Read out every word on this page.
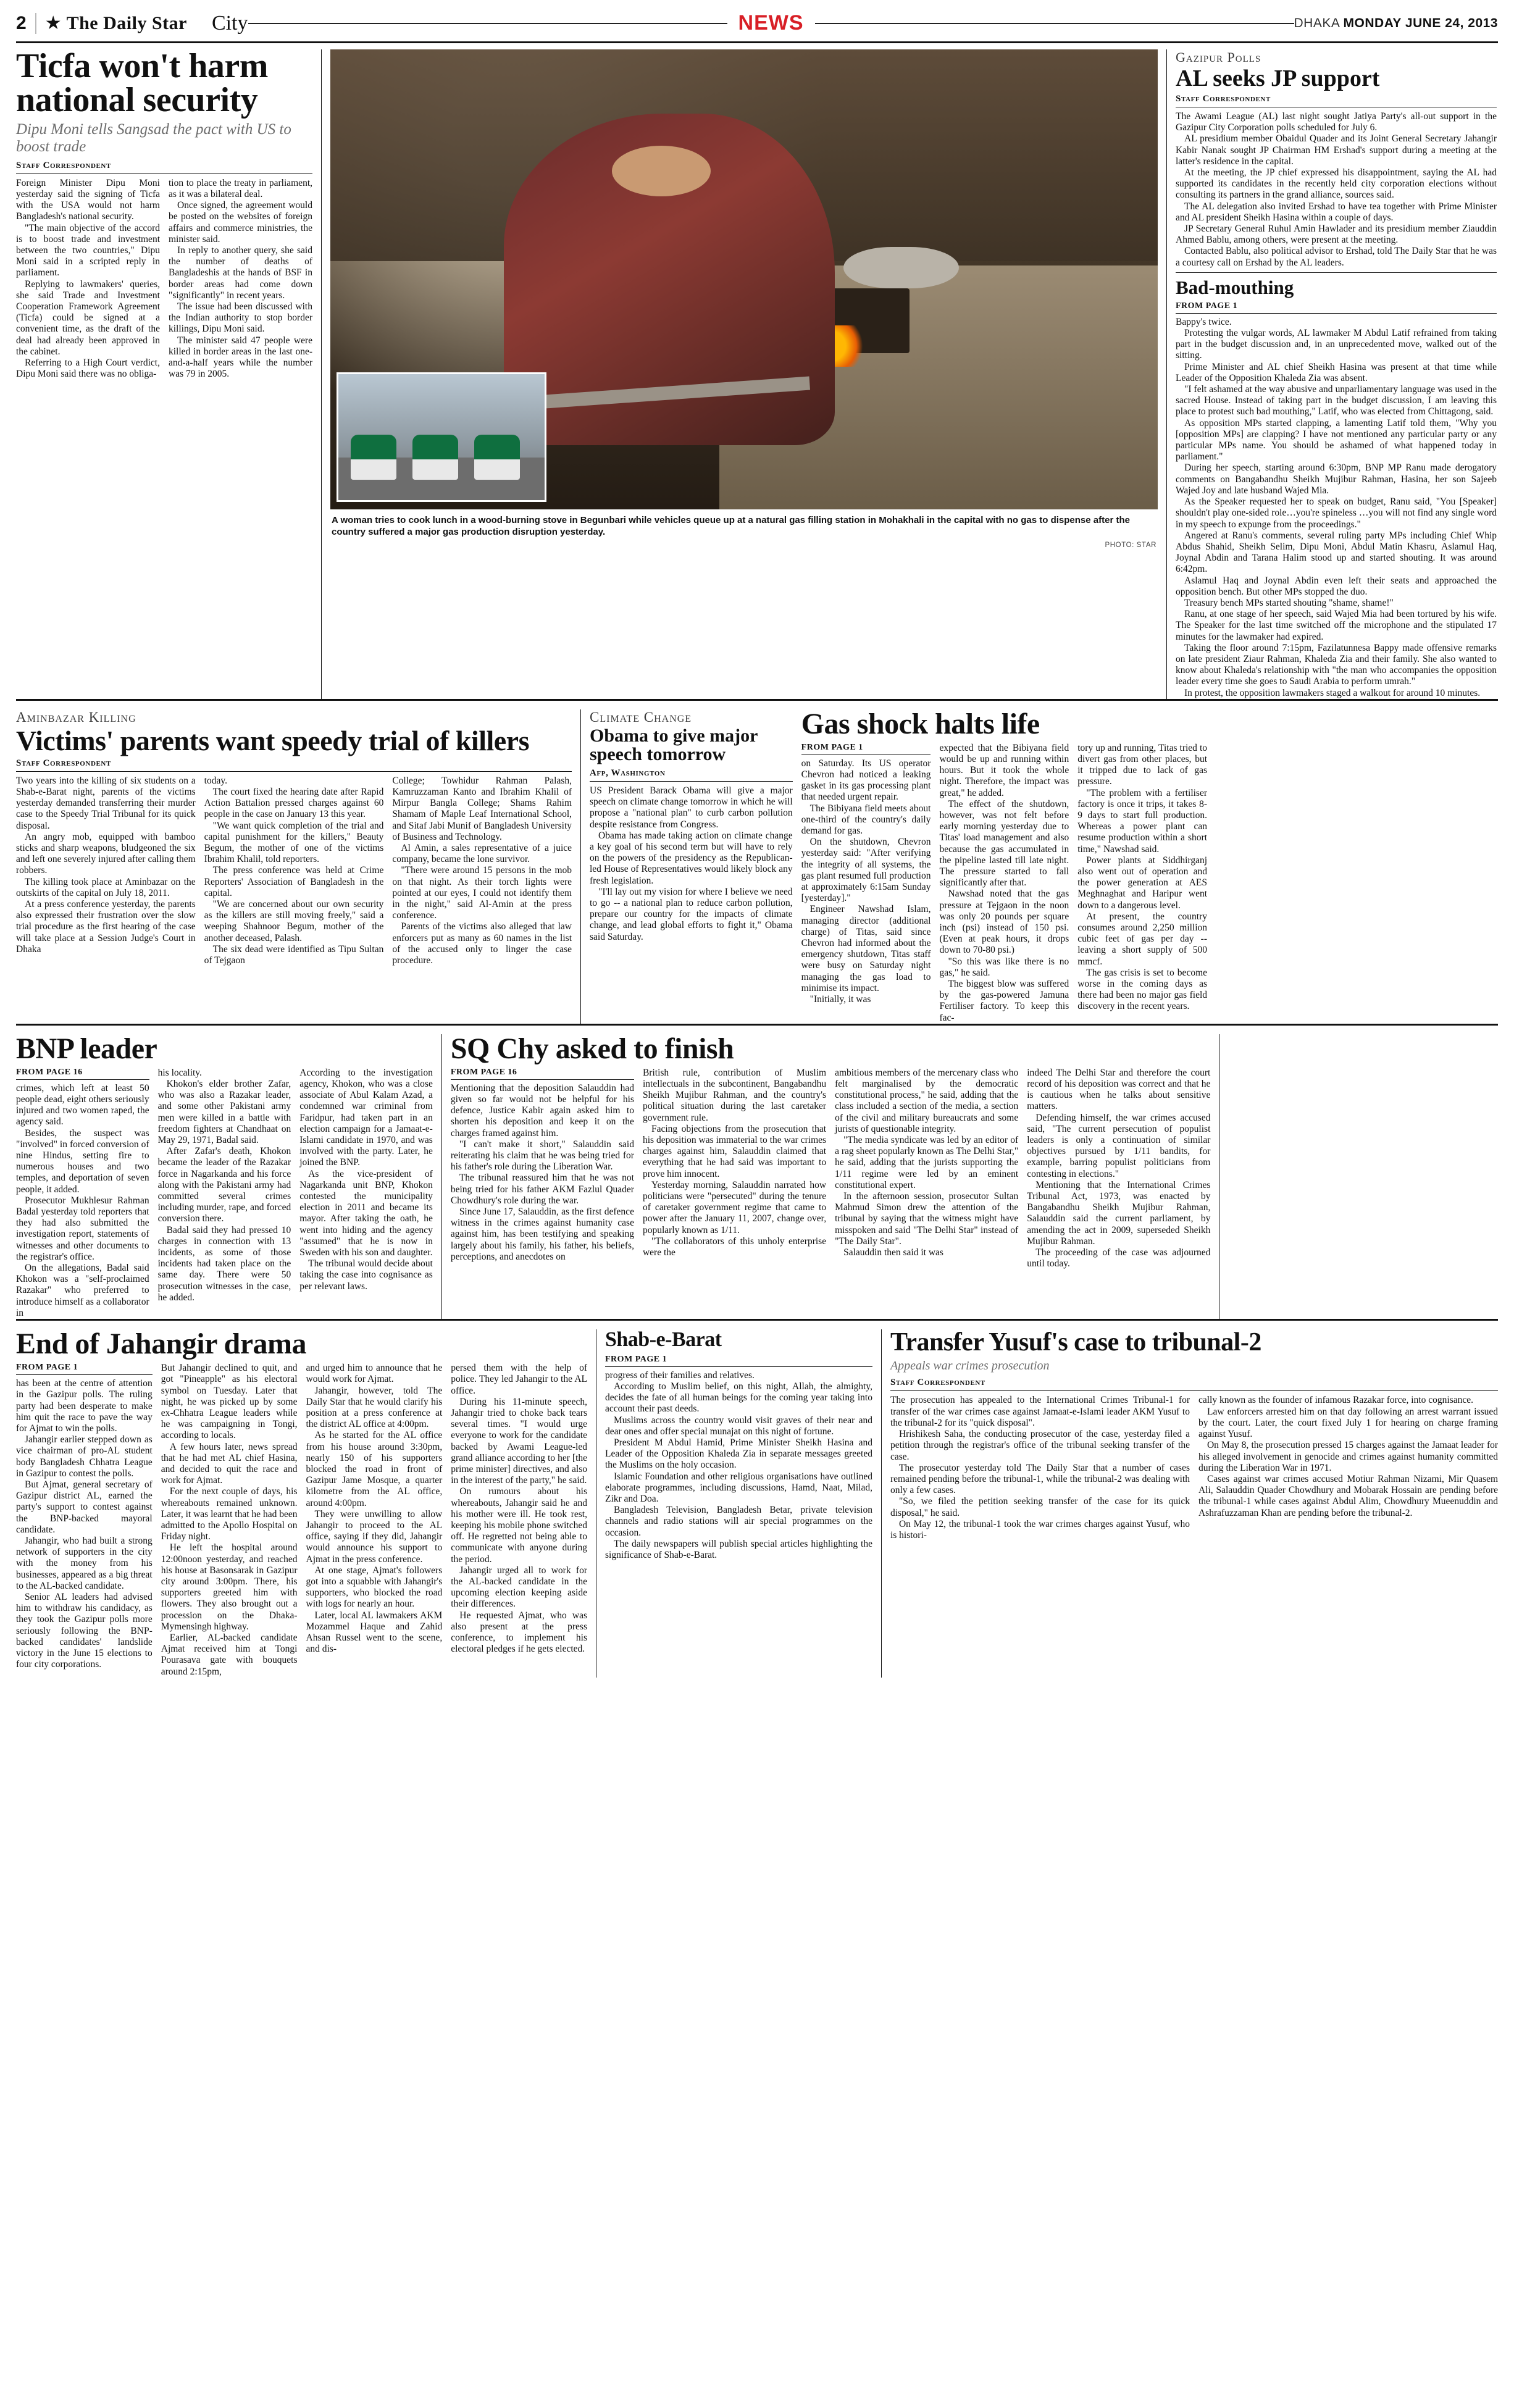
2 ★ The Daily Star City	NEWS	DHAKA MONDAY JUNE 24, 2013
Ticfa won't harm national security
Dipu Moni tells Sangsad the pact with US to boost trade
Staff Correspondent

Foreign Minister Dipu Moni yesterday said the signing of Ticfa with the USA would not harm Bangladesh's national security.

"The main objective of the accord is to boost trade and investment between the two countries," Dipu Moni said in a scripted reply in parliament.

Replying to lawmakers' queries, she said Trade and Investment Cooperation Framework Agreement (Ticfa) could be signed at a convenient time, as the draft of the deal had already been approved in the cabinet.

Referring to a High Court verdict, Dipu Moni said there was no obliga-

tion to place the treaty in parliament, as it was a bilateral deal.

Once signed, the agreement would be posted on the websites of foreign affairs and commerce ministries, the minister said.

In reply to another query, she said the number of deaths of Bangladeshis at the hands of BSF in border areas had come down "significantly" in recent years.

The issue had been discussed with the Indian authority to stop border killings, Dipu Moni said.

The minister said 47 people were killed in border areas in the last one-and-a-half years while the number was 79 in 2005.

A woman tries to cook lunch in a wood-burning stove in Begunbari while vehicles queue up at a natural gas filling station in Mohakhali in the capital with no gas to dispense after the country suffered a major gas production disruption yesterday.
PHOTO: STAR
Gazipur Polls
AL seeks JP support
Staff Correspondent

The Awami League (AL) last night sought Jatiya Party's all-out support in the Gazipur City Corporation polls scheduled for July 6.

AL presidium member Obaidul Quader and its Joint General Secretary Jahangir Kabir Nanak sought JP Chairman HM Ershad's support during a meeting at the latter's residence in the capital.

At the meeting, the JP chief expressed his disappointment, saying the AL had supported its candidates in the recently held city corporation elections without consulting its partners in the grand alliance, sources said.

The AL delegation also invited Ershad to have tea together with Prime Minister and AL president Sheikh Hasina within a couple of days.

JP Secretary General Ruhul Amin Hawlader and its presidium member Ziauddin Ahmed Bablu, among others, were present at the meeting.

Contacted Bablu, also political advisor to Ershad, told The Daily Star that he was a courtesy call on Ershad by the AL leaders.

Bad-mouthing
FROM PAGE 1

Bappy's twice.

Protesting the vulgar words, AL lawmaker M Abdul Latif refrained from taking part in the budget discussion and, in an unprecedented move, walked out of the sitting.

Prime Minister and AL chief Sheikh Hasina was present at that time while Leader of the Opposition Khaleda Zia was absent.

"I felt ashamed at the way abusive and unparliamentary language was used in the sacred House. Instead of taking part in the budget discussion, I am leaving this place to protest such bad mouthing," Latif, who was elected from Chittagong, said.

As opposition MPs started clapping, a lamenting Latif told them, "Why you [opposition MPs] are clapping? I have not mentioned any particular party or any particular MPs name. You should be ashamed of what happened today in parliament."

During her speech, starting around 6:30pm, BNP MP Ranu made derogatory comments on Bangabandhu Sheikh Mujibur Rahman, Hasina, her son Sajeeb Wajed Joy and late husband Wajed Mia.

As the Speaker requested her to speak on budget, Ranu said, "You [Speaker] shouldn't play one-sided role…you're spineless …you will not find any single word in my speech to expunge from the proceedings."

Angered at Ranu's comments, several ruling party MPs including Chief Whip Abdus Shahid, Sheikh Selim, Dipu Moni, Abdul Matin Khasru, Aslamul Haq, Joynal Abdin and Tarana Halim stood up and started shouting. It was around 6:42pm.

Aslamul Haq and Joynal Abdin even left their seats and approached the opposition bench. But other MPs stopped the duo.

Treasury bench MPs started shouting "shame, shame!"

Ranu, at one stage of her speech, said Wajed Mia had been tortured by his wife. The Speaker for the last time switched off the microphone and the stipulated 17 minutes for the lawmaker had expired.

Taking the floor around 7:15pm, Fazilatunnesa Bappy made offensive remarks on late president Ziaur Rahman, Khaleda Zia and their family. She also wanted to know about Khaleda's relationship with "the man who accompanies the opposition leader every time she goes to Saudi Arabia to perform umrah."

In protest, the opposition lawmakers staged a walkout for around 10 minutes.

Aminbazar Killing
Victims' parents want speedy trial of killers
Staff Correspondent

Two years into the killing of six students on a Shab-e-Barat night, parents of the victims yesterday demanded transferring their murder case to the Speedy Trial Tribunal for its quick disposal.

An angry mob, equipped with bamboo sticks and sharp weapons, bludgeoned the six and left one severely injured after calling them robbers.

The killing took place at Aminbazar on the outskirts of the capital on July 18, 2011.

At a press conference yesterday, the parents also expressed their frustration over the slow trial procedure as the first hearing of the case will take place at a Session Judge's Court in Dhaka

today.

The court fixed the hearing date after Rapid Action Battalion pressed charges against 60 people in the case on January 13 this year.

"We want quick completion of the trial and capital punishment for the killers," Beauty Begum, the mother of one of the victims Ibrahim Khalil, told reporters.

The press conference was held at Crime Reporters' Association of Bangladesh in the capital.

"We are concerned about our own security as the killers are still moving freely," said a weeping Shahnoor Begum, mother of the another deceased, Palash.

The six dead were identified as Tipu Sultan of Tejgaon

College; Towhidur Rahman Palash, Kamruzzaman Kanto and Ibrahim Khalil of Mirpur Bangla College; Shams Rahim Shamam of Maple Leaf International School, and Sitaf Jabi Munif of Bangladesh University of Business and Technology.

Al Amin, a sales representative of a juice company, became the lone survivor.

"There were around 15 persons in the mob on that night. As their torch lights were pointed at our eyes, I could not identify them in the night," said Al-Amin at the press conference.

Parents of the victims also alleged that law enforcers put as many as 60 names in the list of the accused only to linger the case procedure.

Climate Change
Obama to give major speech tomorrow
Afp, Washington

US President Barack Obama will give a major speech on climate change tomorrow in which he will propose a "national plan" to curb carbon pollution despite resistance from Congress.

Obama has made taking action on climate change a key goal of his second term but will have to rely on the powers of the presidency as the Republican-led House of Representatives would likely block any fresh legislation.

"I'll lay out my vision for where I believe we need to go -- a national plan to reduce carbon pollution, prepare our country for the impacts of climate change, and lead global efforts to fight it," Obama said Saturday.

Gas shock halts life
FROM PAGE 1

on Saturday. Its US operator Chevron had noticed a leaking gasket in its gas processing plant that needed urgent repair.

The Bibiyana field meets about one-third of the country's daily demand for gas.

On the shutdown, Chevron yesterday said: "After verifying the integrity of all systems, the gas plant resumed full production at approximately 6:15am Sunday [yesterday]."

Engineer Nawshad Islam, managing director (additional charge) of Titas, said since Chevron had informed about the emergency shutdown, Titas staff were busy on Saturday night managing the gas load to minimise its impact.

"Initially, it was

expected that the Bibiyana field would be up and running within hours. But it took the whole night. Therefore, the impact was great," he added.

The effect of the shutdown, however, was not felt before early morning yesterday due to Titas' load management and also because the gas accumulated in the pipeline lasted till late night. The pressure started to fall significantly after that.

Nawshad noted that the gas pressure at Tejgaon in the noon was only 20 pounds per square inch (psi) instead of 150 psi. (Even at peak hours, it drops down to 70-80 psi.)

"So this was like there is no gas," he said.

The biggest blow was suffered by the gas-powered Jamuna Fertiliser factory. To keep this fac-

tory up and running, Titas tried to divert gas from other places, but it tripped due to lack of gas pressure.

"The problem with a fertiliser factory is once it trips, it takes 8-9 days to start full production. Whereas a power plant can resume production within a short time," Nawshad said.

Power plants at Siddhirganj also went out of operation and the power generation at AES Meghnaghat and Haripur went down to a dangerous level.

At present, the country consumes around 2,250 million cubic feet of gas per day -- leaving a short supply of 500 mmcf.

The gas crisis is set to become worse in the coming days as there had been no major gas field discovery in the recent years.

BNP leader
FROM PAGE 16

crimes, which left at least 50 people dead, eight others seriously injured and two women raped, the agency said.

Besides, the suspect was "involved" in forced conversion of nine Hindus, setting fire to numerous houses and two temples, and deportation of seven people, it added.

Prosecutor Mukhlesur Rahman Badal yesterday told reporters that they had also submitted the investigation report, statements of witnesses and other documents to the registrar's office.

On the allegations, Badal said Khokon was a "self-proclaimed Razakar" who preferred to introduce himself as a collaborator in

his locality.

Khokon's elder brother Zafar, who was also a Razakar leader, and some other Pakistani army men were killed in a battle with freedom fighters at Chandhaat on May 29, 1971, Badal said.

After Zafar's death, Khokon became the leader of the Razakar force in Nagarkanda and his force along with the Pakistani army had committed several crimes including murder, rape, and forced conversion there.

Badal said they had pressed 10 charges in connection with 13 incidents, as some of those incidents had taken place on the same day. There were 50 prosecution witnesses in the case, he added.

According to the investigation agency, Khokon, who was a close associate of Abul Kalam Azad, a condemned war criminal from Faridpur, had taken part in an election campaign for a Jamaat-e-Islami candidate in 1970, and was involved with the party. Later, he joined the BNP.

As the vice-president of Nagarkanda unit BNP, Khokon contested the municipality election in 2011 and became its mayor. After taking the oath, he went into hiding and the agency "assumed" that he is now in Sweden with his son and daughter.

The tribunal would decide about taking the case into cognisance as per relevant laws.

SQ Chy asked to finish
FROM PAGE 16

Mentioning that the deposition Salauddin had given so far would not be helpful for his defence, Justice Kabir again asked him to shorten his deposition and keep it on the charges framed against him.

"I can't make it short," Salauddin said reiterating his claim that he was being tried for his father's role during the Liberation War.

The tribunal reassured him that he was not being tried for his father AKM Fazlul Quader Chowdhury's role during the war.

Since June 17, Salauddin, as the first defence witness in the crimes against humanity case against him, has been testifying and speaking largely about his family, his father, his beliefs, perceptions, and anecdotes on

British rule, contribution of Muslim intellectuals in the subcontinent, Bangabandhu Sheikh Mujibur Rahman, and the country's political situation during the last caretaker government rule.

Facing objections from the prosecution that his deposition was immaterial to the war crimes charges against him, Salauddin claimed that everything that he had said was important to prove him innocent.

Yesterday morning, Salauddin narrated how politicians were "persecuted" during the tenure of caretaker government regime that came to power after the January 11, 2007, change over, popularly known as 1/11.

"The collaborators of this unholy enterprise were the

ambitious members of the mercenary class who felt marginalised by the democratic constitutional process," he said, adding that the class included a section of the media, a section of the civil and military bureaucrats and some jurists of questionable integrity.

"The media syndicate was led by an editor of a rag sheet popularly known as The Delhi Star," he said, adding that the jurists supporting the 1/11 regime were led by an eminent constitutional expert.

In the afternoon session, prosecutor Sultan Mahmud Simon drew the attention of the tribunal by saying that the witness might have misspoken and said "The Delhi Star" instead of "The Daily Star".

Salauddin then said it was

indeed The Delhi Star and therefore the court record of his deposition was correct and that he is cautious when he talks about sensitive matters.

Defending himself, the war crimes accused said, "The current persecution of populist leaders is only a continuation of similar objectives pursued by 1/11 bandits, for example, barring populist politicians from contesting in elections."

Mentioning that the International Crimes Tribunal Act, 1973, was enacted by Bangabandhu Sheikh Mujibur Rahman, Salauddin said the current parliament, by amending the act in 2009, superseded Sheikh Mujibur Rahman.

The proceeding of the case was adjourned until today.

End of Jahangir drama
FROM PAGE 1

has been at the centre of attention in the Gazipur polls. The ruling party had been desperate to make him quit the race to pave the way for Ajmat to win the polls.

Jahangir earlier stepped down as vice chairman of pro-AL student body Bangladesh Chhatra League in Gazipur to contest the polls.

But Ajmat, general secretary of Gazipur district AL, earned the party's support to contest against the BNP-backed mayoral candidate.

Jahangir, who had built a strong network of supporters in the city with the money from his businesses, appeared as a big threat to the AL-backed candidate.

Senior AL leaders had advised him to withdraw his candidacy, as they took the Gazipur polls more seriously following the BNP-backed candidates' landslide victory in the June 15 elections to four city corporations.

But Jahangir declined to quit, and got "Pineapple" as his electoral symbol on Tuesday. Later that night, he was picked up by some ex-Chhatra League leaders while he was campaigning in Tongi, according to locals.

A few hours later, news spread that he had met AL chief Hasina, and decided to quit the race and work for Ajmat.

For the next couple of days, his whereabouts remained unknown. Later, it was learnt that he had been admitted to the Apollo Hospital on Friday night.

He left the hospital around 12:00noon yesterday, and reached his house at Basonsarak in Gazipur city around 3:00pm. There, his supporters greeted him with flowers. They also brought out a procession on the Dhaka-Mymensingh highway.

Earlier, AL-backed candidate Ajmat received him at Tongi Pourasava gate with bouquets around 2:15pm,

and urged him to announce that he would work for Ajmat.

Jahangir, however, told The Daily Star that he would clarify his position at a press conference at the district AL office at 4:00pm.

As he started for the AL office from his house around 3:30pm, nearly 150 of his supporters blocked the road in front of Gazipur Jame Mosque, a quarter kilometre from the AL office, around 4:00pm.

They were unwilling to allow Jahangir to proceed to the AL office, saying if they did, Jahangir would announce his support to Ajmat in the press conference.

At one stage, Ajmat's followers got into a squabble with Jahangir's supporters, who blocked the road with logs for nearly an hour.

Later, local AL lawmakers AKM Mozammel Haque and Zahid Ahsan Russel went to the scene, and dis-

persed them with the help of police. They led Jahangir to the AL office.

During his 11-minute speech, Jahangir tried to choke back tears several times. "I would urge everyone to work for the candidate backed by Awami League-led grand alliance according to her [the prime minister] directives, and also in the interest of the party," he said.

On rumours about his whereabouts, Jahangir said he and his mother were ill. He took rest, keeping his mobile phone switched off. He regretted not being able to communicate with anyone during the period.

Jahangir urged all to work for the AL-backed candidate in the upcoming election keeping aside their differences.

He requested Ajmat, who was also present at the press conference, to implement his electoral pledges if he gets elected.

Shab-e-Barat
FROM PAGE 1

progress of their families and relatives.

According to Muslim belief, on this night, Allah, the almighty, decides the fate of all human beings for the coming year taking into account their past deeds.

Muslims across the country would visit graves of their near and dear ones and offer special munajat on this night of fortune.

President M Abdul Hamid, Prime Minister Sheikh Hasina and Leader of the Opposition Khaleda Zia in separate messages greeted the Muslims on the holy occasion.

Islamic Foundation and other religious organisations have outlined elaborate programmes, including discussions, Hamd, Naat, Milad, Zikr and Doa.

Bangladesh Television, Bangladesh Betar, private television channels and radio stations will air special programmes on the occasion.

The daily newspapers will publish special articles highlighting the significance of Shab-e-Barat.

Transfer Yusuf's case to tribunal-2
Appeals war crimes prosecution
Staff Correspondent

The prosecution has appealed to the International Crimes Tribunal-1 for transfer of the war crimes case against Jamaat-e-Islami leader AKM Yusuf to the tribunal-2 for its "quick disposal".

Hrishikesh Saha, the conducting prosecutor of the case, yesterday filed a petition through the registrar's office of the tribunal seeking transfer of the case.

The prosecutor yesterday told The Daily Star that a number of cases remained pending before the tribunal-1, while the tribunal-2 was dealing with only a few cases.

"So, we filed the petition seeking transfer of the case for its quick disposal," he said.

On May 12, the tribunal-1 took the war crimes charges against Yusuf, who is histori-

cally known as the founder of infamous Razakar force, into cognisance.

Law enforcers arrested him on that day following an arrest warrant issued by the court. Later, the court fixed July 1 for hearing on charge framing against Yusuf.

On May 8, the prosecution pressed 15 charges against the Jamaat leader for his alleged involvement in genocide and crimes against humanity committed during the Liberation War in 1971.

Cases against war crimes accused Motiur Rahman Nizami, Mir Quasem Ali, Salauddin Quader Chowdhury and Mobarak Hossain are pending before the tribunal-1 while cases against Abdul Alim, Chowdhury Mueenuddin and Ashrafuzzaman Khan are pending before the tribunal-2.
